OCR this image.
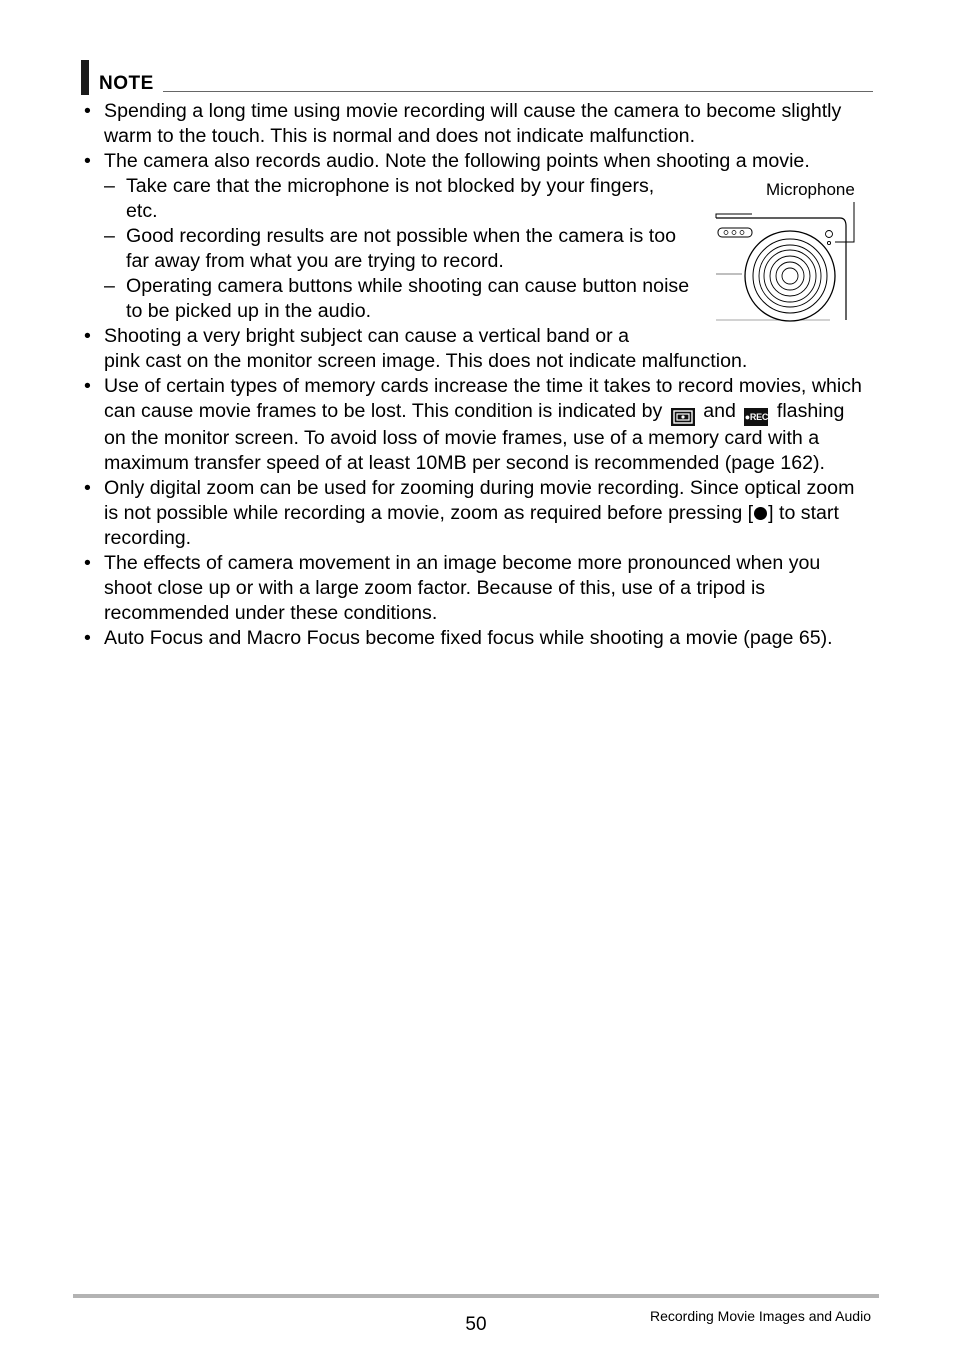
NOTE
• Spending a long time using movie recording will cause the camera to become slightly warm to the touch. This is normal and does not indicate malfunction.
• The camera also records audio. Note the following points when shooting a movie.
– Take care that the microphone is not blocked by your fingers, etc.
– Good recording results are not possible when the camera is too far away from what you are trying to record.
– Operating camera buttons while shooting can cause button noise to be picked up in the audio.
• Shooting a very bright subject can cause a vertical band or a
pink cast on the monitor screen image. This does not indicate malfunction.
• Use of certain types of memory cards increase the time it takes to record movies, which can cause movie frames to be lost. This condition is indicated by and ●REC flashing on the monitor screen. To avoid loss of movie frames, use of a memory card with a maximum transfer speed of at least 10MB per second is recommended (page 162).
• Only digital zoom can be used for zooming during movie recording. Since optical zoom is not possible while recording a movie, zoom as required before pressing [ ] to start recording.
• The effects of camera movement in an image become more pronounced when you shoot close up or with a large zoom factor. Because of this, use of a tripod is recommended under these conditions.
• Auto Focus and Macro Focus become fixed focus while shooting a movie (page 65).
Microphone
50	Recording Movie Images and Audio
